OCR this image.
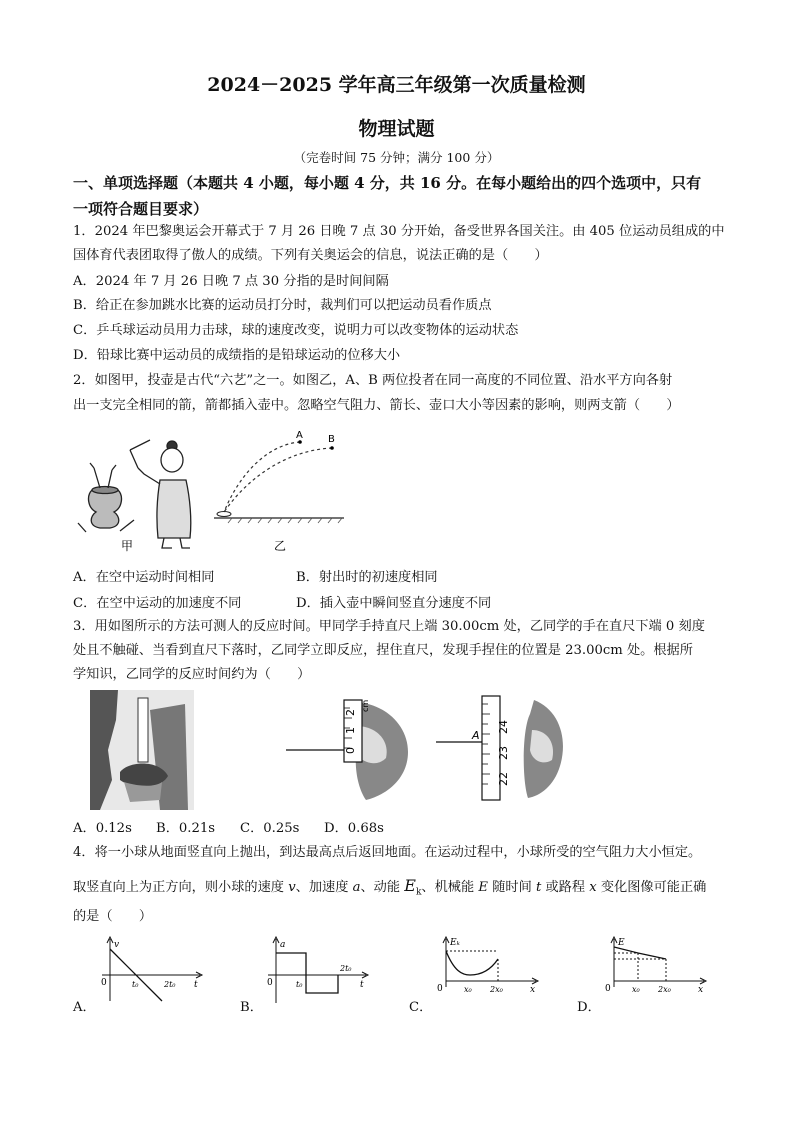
2024－2025 学年高三年级第一次质量检测
物理试题
（完卷时间 75 分钟；满分 100 分）
一、单项选择题（本题共 4 小题，每小题 4 分，共 16 分。在每小题给出的四个选项中，只有
一项符合题目要求）
1．2024 年巴黎奥运会开幕式于 7 月 26 日晚 7 点 30 分开始，备受世界各国关注。由 405 位运动员组成的中
国体育代表团取得了傲人的成绩。下列有关奥运会的信息，说法正确的是（　　）
A．2024 年 7 月 26 日晚 7 点 30 分指的是时间间隔
B．给正在参加跳水比赛的运动员打分时，裁判们可以把运动员看作质点
C．乒乓球运动员用力击球，球的速度改变，说明力可以改变物体的运动状态
D．铅球比赛中运动员的成绩指的是铅球运动的位移大小
2．如图甲，投壶是古代“六艺”之一。如图乙，A、B 两位投者在同一高度的不同位置、沿水平方向各射
出一支完全相同的箭，箭都插入壶中。忽略空气阻力、箭长、壶口大小等因素的影响，则两支箭（　　）
甲
A	B
乙
A．在空中运动时间相同	B．射出时的初速度相同
C．在空中运动的加速度不同	D．插入壶中瞬间竖直分速度不同
3．用如图所示的方法可测人的反应时间。甲同学手持直尺上端 30.00cm 处，乙同学的手在直尺下端 0 刻度
处且不触碰、当看到直尺下落时，乙同学立即反应，捏住直尺，发现手捏住的位置是 23.00cm 处。根据所
学知识，乙同学的反应时间约为（　　）
2
1
0
cm
A
24
23
22
A．0.12s B．0.21s C．0.25s D．0.68s
4．将一小球从地面竖直向上抛出，到达最高点后返回地面。在运动过程中，小球所受的空气阻力大小恒定。
取竖直向上为正方向，则小球的速度 v、加速度 a、动能 $E_k$、机械能 E 随时间 t 或路程 x 变化图像可能正确
的是（　　）
v
0	t₀	2t₀ t
a
0	t₀
2t₀
t
Eₖ
0	x₀ 2x₀	x
E
0	x₀ 2x₀	x
A．	B．	C．	D．
